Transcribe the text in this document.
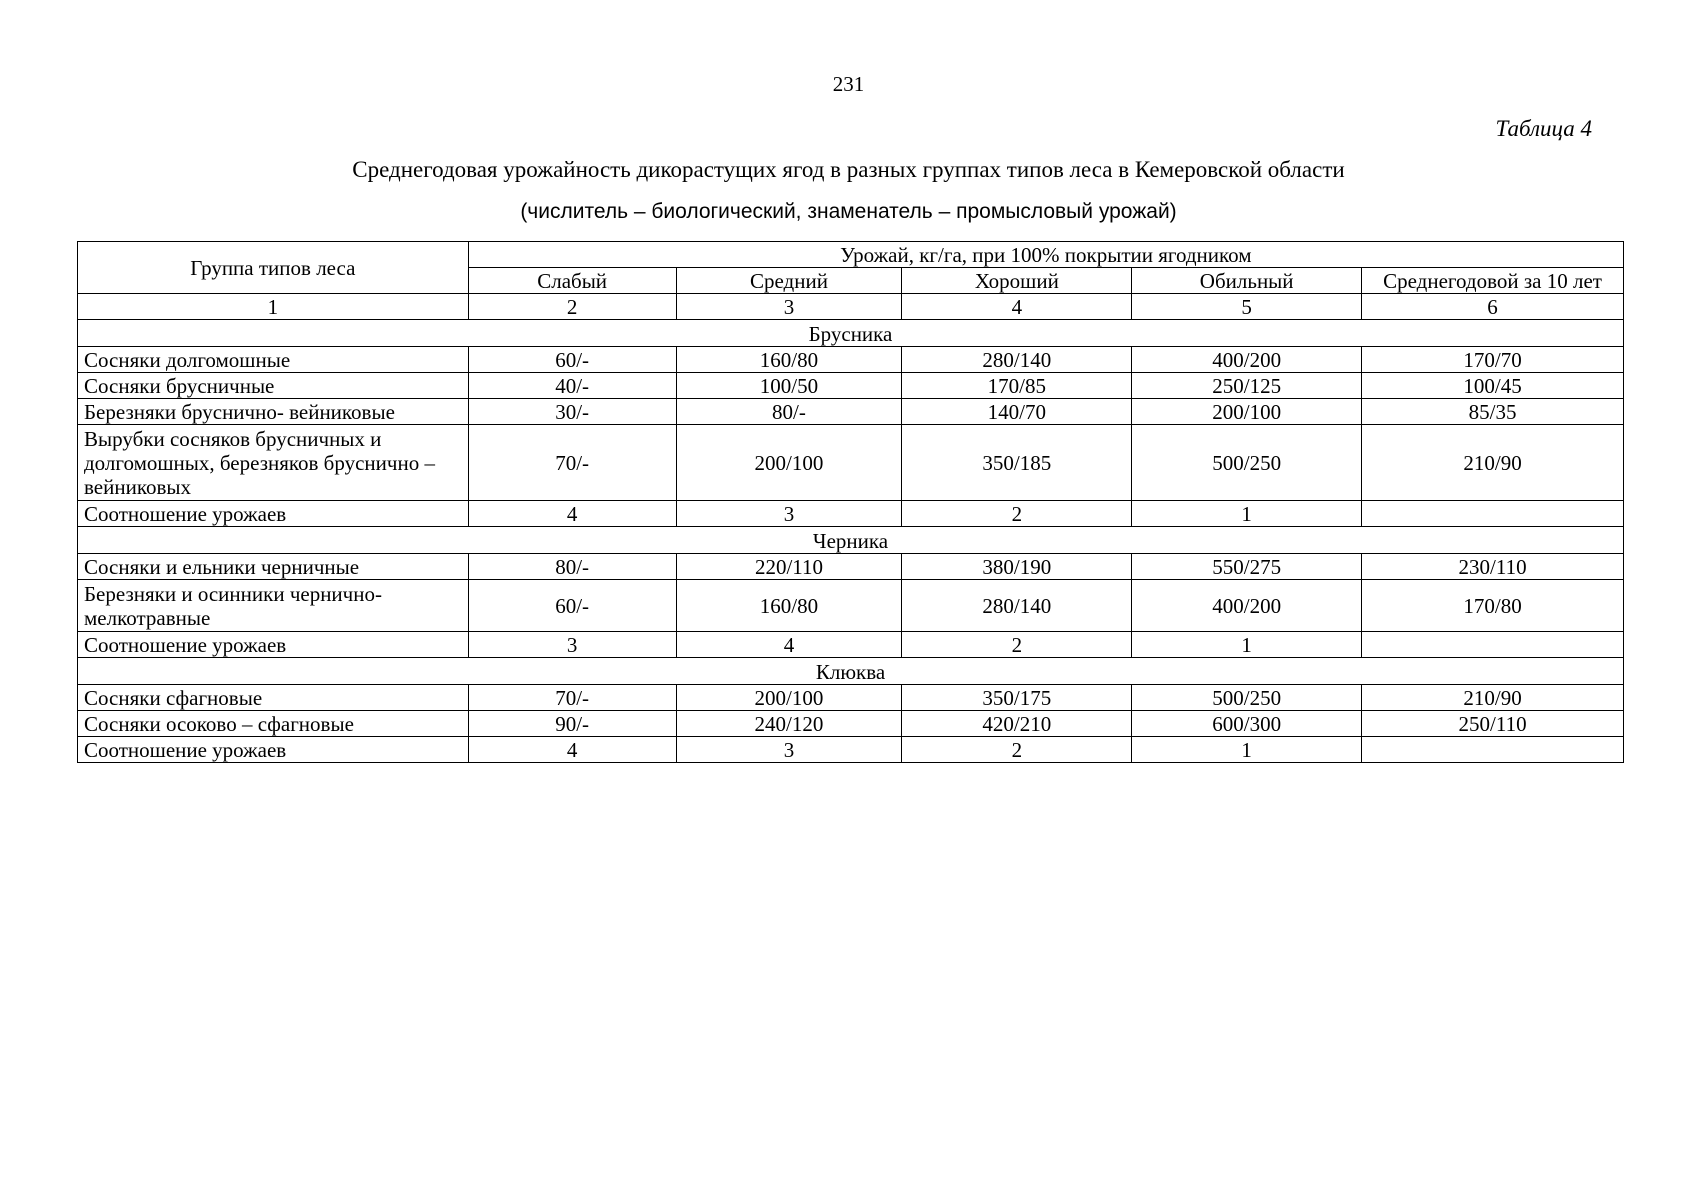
231
Таблица 4
Среднегодовая урожайность дикорастущих ягод в разных группах типов леса в Кемеровской области
(числитель – биологический, знаменатель – промысловый урожай)
Группа типов леса	Урожай, кг/га, при 100% покрытии ягодником				
	Слабый	Средний	Хороший	Обильный	Среднегодовой за 10 лет
1	2	3	4	5	6
Брусника					
Сосняки долгомошные	60/-	160/80	280/140	400/200	170/70
Сосняки брусничные	40/-	100/50	170/85	250/125	100/45
Березняки бруснично- вейниковые	30/-	80/-	140/70	200/100	85/35
Вырубки сосняков брусничных и долгомошных, березняков бруснично – вейниковых	70/-	200/100	350/185	500/250	210/90
Соотношение урожаев	4	3	2	1	
Черника					
Сосняки и ельники черничные	80/-	220/110	380/190	550/275	230/110
Березняки и осинники чернично-мелкотравные	60/-	160/80	280/140	400/200	170/80
Соотношение урожаев	3	4	2	1	
Клюква					
Сосняки сфагновые	70/-	200/100	350/175	500/250	210/90
Сосняки осоково – сфагновые	90/-	240/120	420/210	600/300	250/110
Соотношение урожаев	4	3	2	1	
